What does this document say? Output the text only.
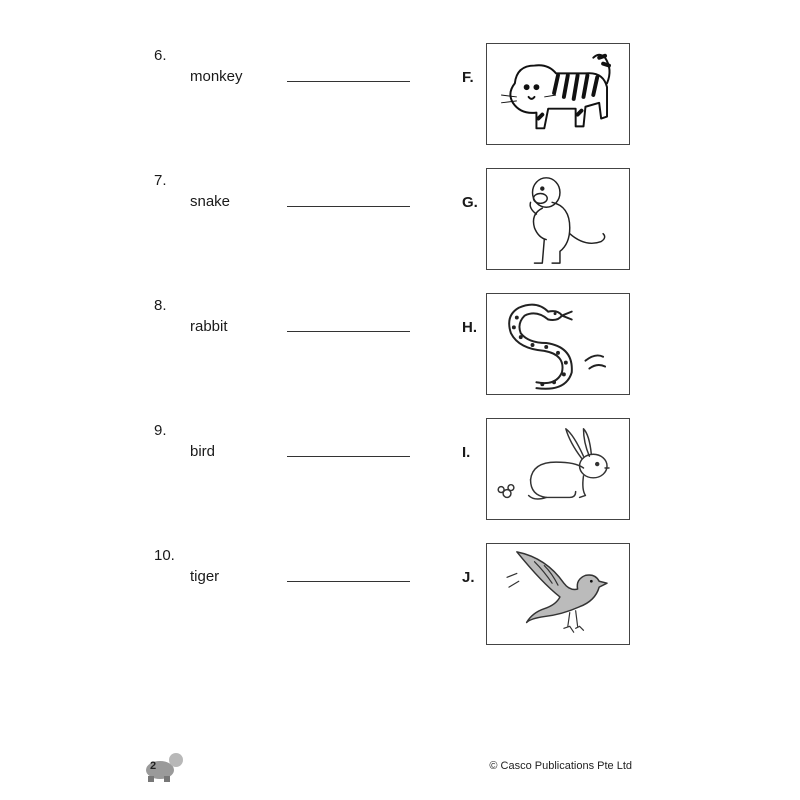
6.
monkey	F.
7.
snake	G.
8.
rabbit	H.
9.
bird	I.
10.
tiger	J.
2	© Casco Publications Pte Ltd
